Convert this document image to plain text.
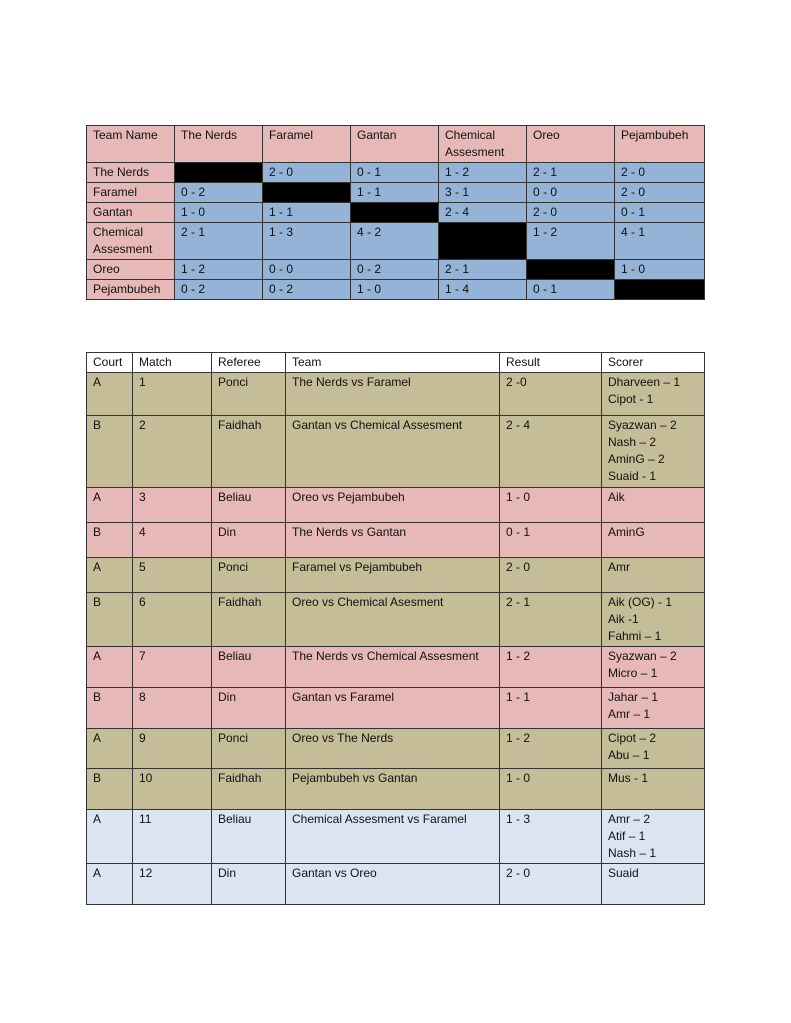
Team Name	The Nerds	Faramel	Gantan	Chemical Assesment	Oreo	Pejambubeh
The Nerds		2 - 0	0 - 1	1 - 2	2 - 1	2 - 0
Faramel	0 - 2		1 - 1	3 - 1	0 - 0	2 - 0
Gantan	1 - 0	1 - 1		2 - 4	2 - 0	0 - 1
Chemical Assesment	2 - 1	1 - 3	4 - 2		1 - 2	4 - 1
Oreo	1 - 2	0 - 0	0 - 2	2 - 1		1 - 0
Pejambubeh	0 - 2	0 - 2	1 - 0	1 - 4	0 - 1	
Court	Match	Referee	Team	Result	Scorer
A	1	Ponci	The Nerds vs Faramel	2 -0	Dharveen – 1
Cipot - 1

B	2	Faidhah	Gantan vs Chemical Assesment	2 - 4	Syazwan – 2
Nash – 2
AminG – 2
Suaid - 1

A	3	Beliau	Oreo vs Pejambubeh	1 - 0	Aik

B	4	Din	The Nerds vs Gantan	0 - 1	AminG

A	5	Ponci	Faramel vs Pejambubeh	2 - 0	Amr

B	6	Faidhah	Oreo vs Chemical Asesment	2 - 1	Aik (OG) - 1
Aik -1
Fahmi – 1

A	7	Beliau	The Nerds vs Chemical Assesment	1 - 2	Syazwan – 2
Micro – 1

B	8	Din	Gantan vs Faramel	1 - 1	Jahar – 1
Amr – 1

A	9	Ponci	Oreo vs The Nerds	1 - 2	Cipot – 2
Abu – 1

B	10	Faidhah	Pejambubeh vs Gantan	1 - 0	Mus - 1

A	11	Beliau	Chemical Assesment vs Faramel	1 - 3	Amr – 2
Atif – 1
Nash – 1

A	12	Din	Gantan vs Oreo	2 - 0	Suaid
